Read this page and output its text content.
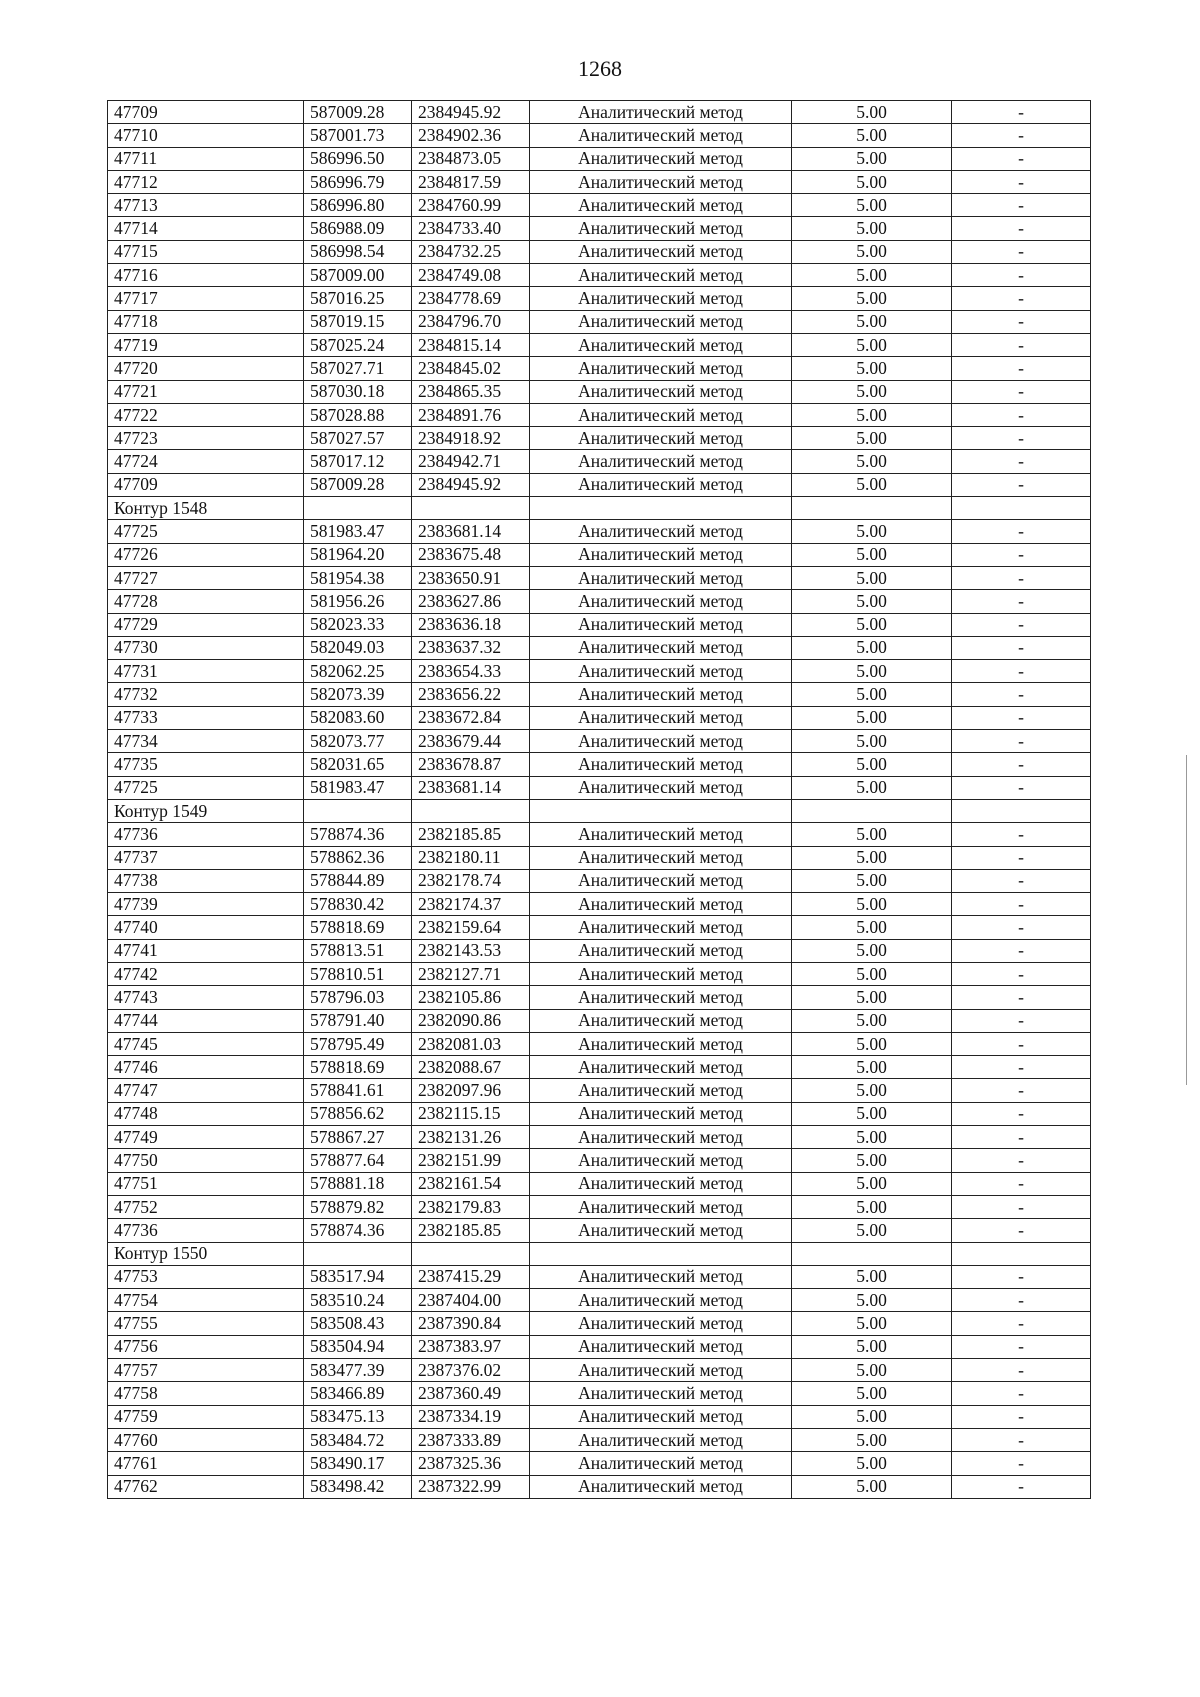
1268
47709	587009.28	2384945.92	Аналитический метод	5.00	-
47710	587001.73	2384902.36	Аналитический метод	5.00	-
47711	586996.50	2384873.05	Аналитический метод	5.00	-
47712	586996.79	2384817.59	Аналитический метод	5.00	-
47713	586996.80	2384760.99	Аналитический метод	5.00	-
47714	586988.09	2384733.40	Аналитический метод	5.00	-
47715	586998.54	2384732.25	Аналитический метод	5.00	-
47716	587009.00	2384749.08	Аналитический метод	5.00	-
47717	587016.25	2384778.69	Аналитический метод	5.00	-
47718	587019.15	2384796.70	Аналитический метод	5.00	-
47719	587025.24	2384815.14	Аналитический метод	5.00	-
47720	587027.71	2384845.02	Аналитический метод	5.00	-
47721	587030.18	2384865.35	Аналитический метод	5.00	-
47722	587028.88	2384891.76	Аналитический метод	5.00	-
47723	587027.57	2384918.92	Аналитический метод	5.00	-
47724	587017.12	2384942.71	Аналитический метод	5.00	-
47709	587009.28	2384945.92	Аналитический метод	5.00	-
Контур 1548					
47725	581983.47	2383681.14	Аналитический метод	5.00	-
47726	581964.20	2383675.48	Аналитический метод	5.00	-
47727	581954.38	2383650.91	Аналитический метод	5.00	-
47728	581956.26	2383627.86	Аналитический метод	5.00	-
47729	582023.33	2383636.18	Аналитический метод	5.00	-
47730	582049.03	2383637.32	Аналитический метод	5.00	-
47731	582062.25	2383654.33	Аналитический метод	5.00	-
47732	582073.39	2383656.22	Аналитический метод	5.00	-
47733	582083.60	2383672.84	Аналитический метод	5.00	-
47734	582073.77	2383679.44	Аналитический метод	5.00	-
47735	582031.65	2383678.87	Аналитический метод	5.00	-
47725	581983.47	2383681.14	Аналитический метод	5.00	-
Контур 1549					
47736	578874.36	2382185.85	Аналитический метод	5.00	-
47737	578862.36	2382180.11	Аналитический метод	5.00	-
47738	578844.89	2382178.74	Аналитический метод	5.00	-
47739	578830.42	2382174.37	Аналитический метод	5.00	-
47740	578818.69	2382159.64	Аналитический метод	5.00	-
47741	578813.51	2382143.53	Аналитический метод	5.00	-
47742	578810.51	2382127.71	Аналитический метод	5.00	-
47743	578796.03	2382105.86	Аналитический метод	5.00	-
47744	578791.40	2382090.86	Аналитический метод	5.00	-
47745	578795.49	2382081.03	Аналитический метод	5.00	-
47746	578818.69	2382088.67	Аналитический метод	5.00	-
47747	578841.61	2382097.96	Аналитический метод	5.00	-
47748	578856.62	2382115.15	Аналитический метод	5.00	-
47749	578867.27	2382131.26	Аналитический метод	5.00	-
47750	578877.64	2382151.99	Аналитический метод	5.00	-
47751	578881.18	2382161.54	Аналитический метод	5.00	-
47752	578879.82	2382179.83	Аналитический метод	5.00	-
47736	578874.36	2382185.85	Аналитический метод	5.00	-
Контур 1550					
47753	583517.94	2387415.29	Аналитический метод	5.00	-
47754	583510.24	2387404.00	Аналитический метод	5.00	-
47755	583508.43	2387390.84	Аналитический метод	5.00	-
47756	583504.94	2387383.97	Аналитический метод	5.00	-
47757	583477.39	2387376.02	Аналитический метод	5.00	-
47758	583466.89	2387360.49	Аналитический метод	5.00	-
47759	583475.13	2387334.19	Аналитический метод	5.00	-
47760	583484.72	2387333.89	Аналитический метод	5.00	-
47761	583490.17	2387325.36	Аналитический метод	5.00	-
47762	583498.42	2387322.99	Аналитический метод	5.00	-
